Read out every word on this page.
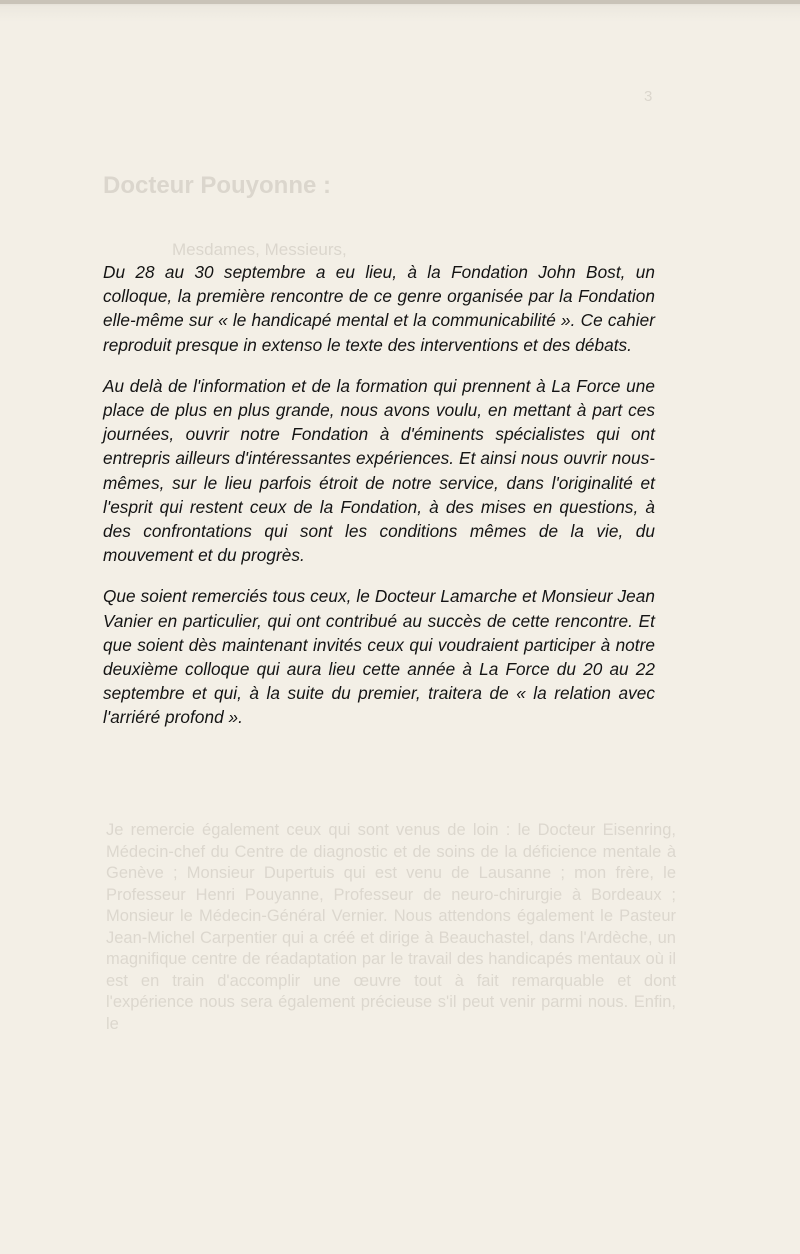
3
Docteur Pouyonne :
Mesdames, Messieurs,
Je remercie également ceux qui sont venus de loin : le Docteur Eisenring, Médecin-chef du Centre de diagnostic et de soins de la déficience mentale à Genève ; Monsieur Dupertuis qui est venu de Lausanne ; mon frère, le Professeur Henri Pouyanne, Professeur de neuro-chirurgie à Bordeaux ; Monsieur le Médecin-Général Vernier. Nous attendons également le Pasteur Jean-Michel Carpentier qui a créé et dirige à Beauchastel, dans l'Ardèche, un magnifique centre de réadaptation par le travail des handicapés mentaux où il est en train d'accomplir une œuvre tout à fait remarquable et dont l'expérience nous sera également précieuse s'il peut venir parmi nous. Enfin, le

Du 28 au 30 septembre a eu lieu, à la Fondation John Bost, un colloque, la première rencontre de ce genre organisée par la Fondation elle-même sur « le handicapé mental et la communicabilité ». Ce cahier reproduit presque in extenso le texte des interventions et des débats.

Au delà de l'information et de la formation qui prennent à La Force une place de plus en plus grande, nous avons voulu, en mettant à part ces journées, ouvrir notre Fondation à d'éminents spécialistes qui ont entrepris ailleurs d'intéressantes expériences. Et ainsi nous ouvrir nous-mêmes, sur le lieu parfois étroit de notre service, dans l'originalité et l'esprit qui restent ceux de la Fondation, à des mises en questions, à des confrontations qui sont les conditions mêmes de la vie, du mouvement et du progrès.

Que soient remerciés tous ceux, le Docteur Lamarche et Monsieur Jean Vanier en particulier, qui ont contribué au succès de cette rencontre. Et que soient dès maintenant invités ceux qui voudraient participer à notre deuxième colloque qui aura lieu cette année à La Force du 20 au 22 septembre et qui, à la suite du premier, traitera de « la relation avec l'arriéré profond ».
